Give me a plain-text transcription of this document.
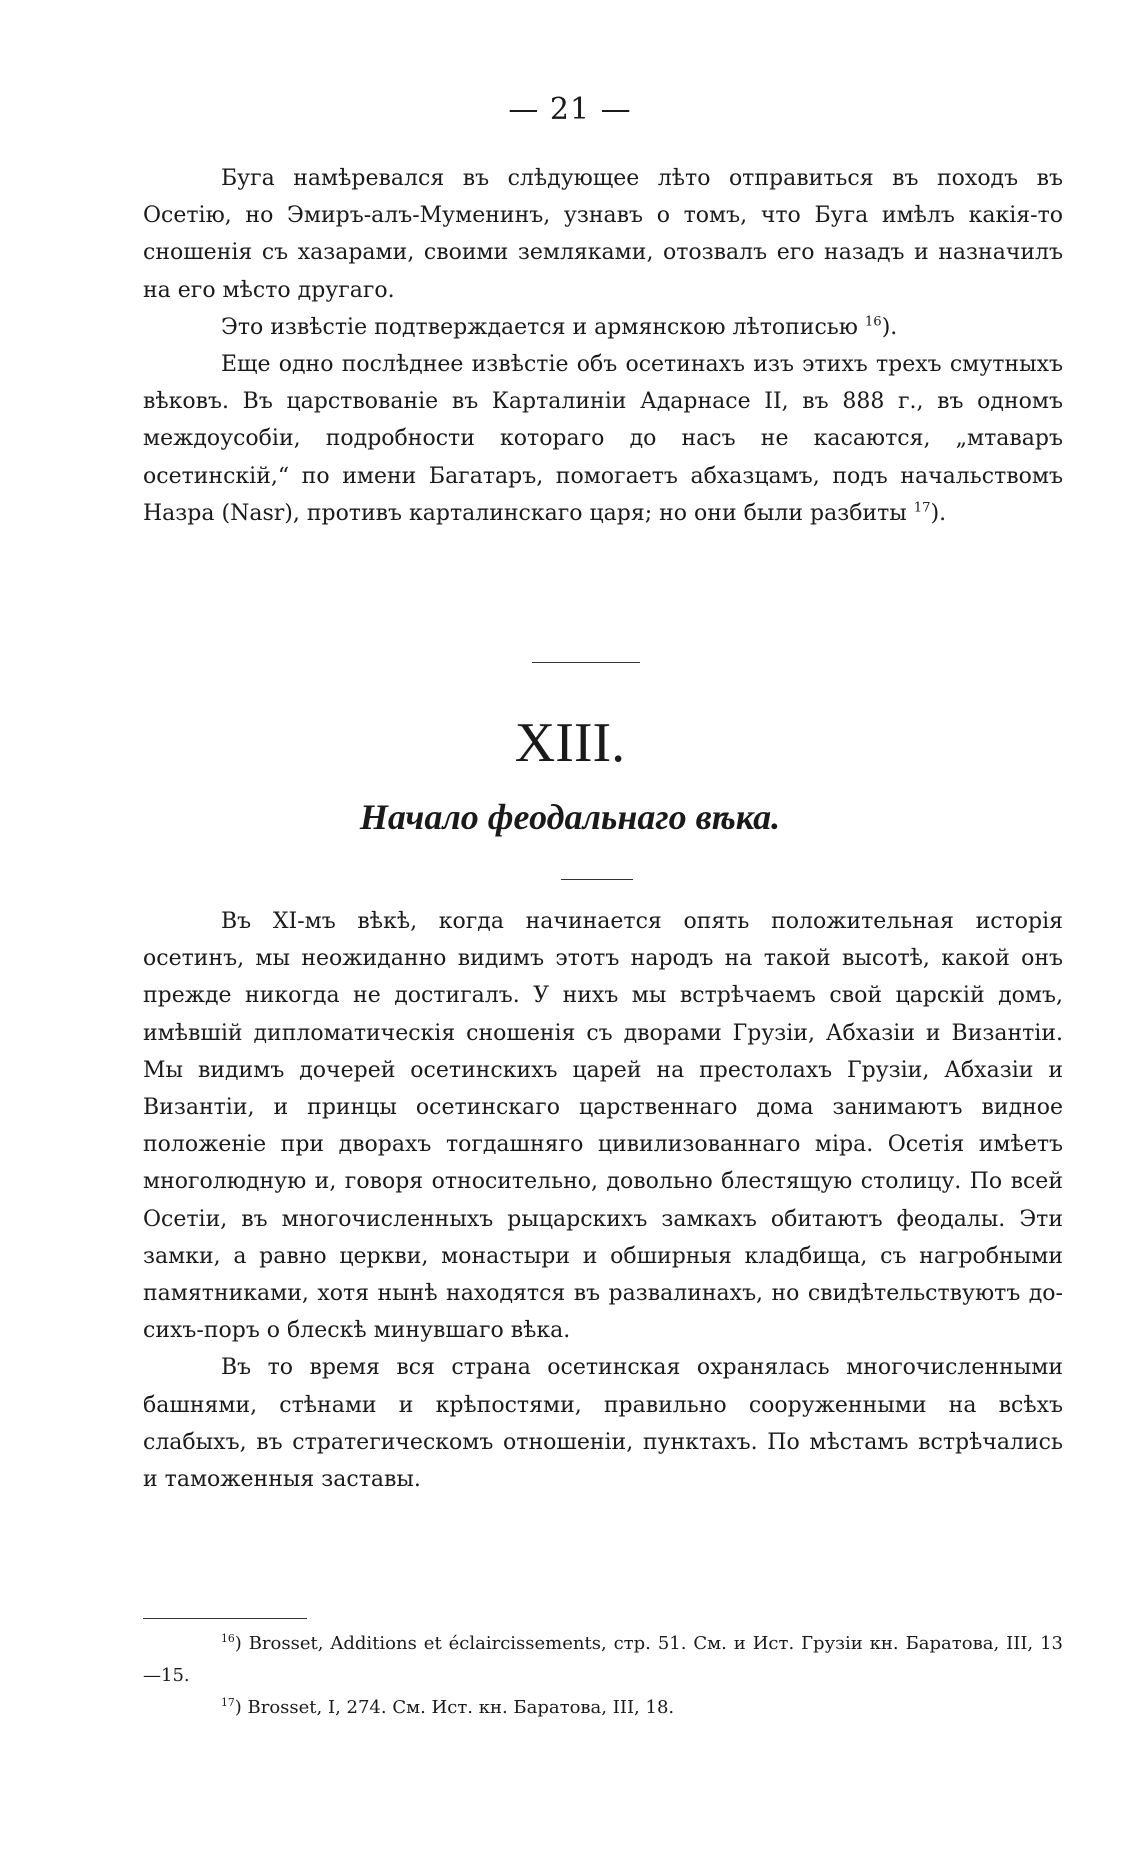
— 21 —

Буга намѣревался въ слѣдующее лѣто отправиться въ походъ въ Осетію, но Эмиръ-алъ-Муменинъ, узнавъ о томъ, что Буга имѣлъ какія-то сношенія съ хазарами, своими земляками, отозвалъ его назадъ и назначилъ на его мѣсто другаго.

Это извѣстіе подтверждается и армянскою лѣтописью $^{16}$).

Еще одно послѣднее извѣстіе объ осетинахъ изъ этихъ трехъ смутныхъ вѣковъ. Въ царствованіе въ Карталиніи Адарнасе II, въ 888 г., въ одномъ междоусобіи, подробности котораго до насъ не касаются, „мтаваръ осетинскій,“ по имени Багатаръ, помогаетъ абхазцамъ, подъ начальствомъ Назра (Nasr), противъ карталинскаго царя; но они были разбиты $^{17}$).

XIII.
Начало феодальнаго вѣка.

Въ XI-мъ вѣкѣ, когда начинается опять положительная исторія осетинъ, мы неожиданно видимъ этотъ народъ на такой высотѣ, какой онъ прежде никогда не достигалъ. У нихъ мы встрѣчаемъ свой царскій домъ, имѣвшій дипломатическія сношенія съ дворами Грузіи, Абхазіи и Византіи. Мы видимъ дочерей осетинскихъ царей на престолахъ Грузіи, Абхазіи и Византіи, и принцы осетинскаго царственнаго дома занимаютъ видное положеніе при дворахъ тогдашняго цивилизованнаго міра. Осетія имѣетъ многолюдную и, говоря относительно, довольно блестящую столицу. По всей Осетіи, въ многочисленныхъ рыцарскихъ замкахъ обитаютъ феодалы. Эти замки, а равно церкви, монастыри и обширныя кладбища, съ нагробными памятниками, хотя нынѣ находятся въ развалинахъ, но свидѣтельствуютъ до-сихъ-поръ о блескѣ минувшаго вѣка.

Въ то время вся страна осетинская охранялась многочисленными башнями, стѣнами и крѣпостями, правильно сооруженными на всѣхъ слабыхъ, въ стратегическомъ отношеніи, пунктахъ. По мѣстамъ встрѣчались и таможенныя заставы.

$^{16}$) Brosset, Additions et éclaircissements, стр. 51. См. и Ист. Грузіи кн. Баратова, III, 13—15.

$^{17}$) Brosset, I, 274. См. Ист. кн. Баратова, III, 18.
